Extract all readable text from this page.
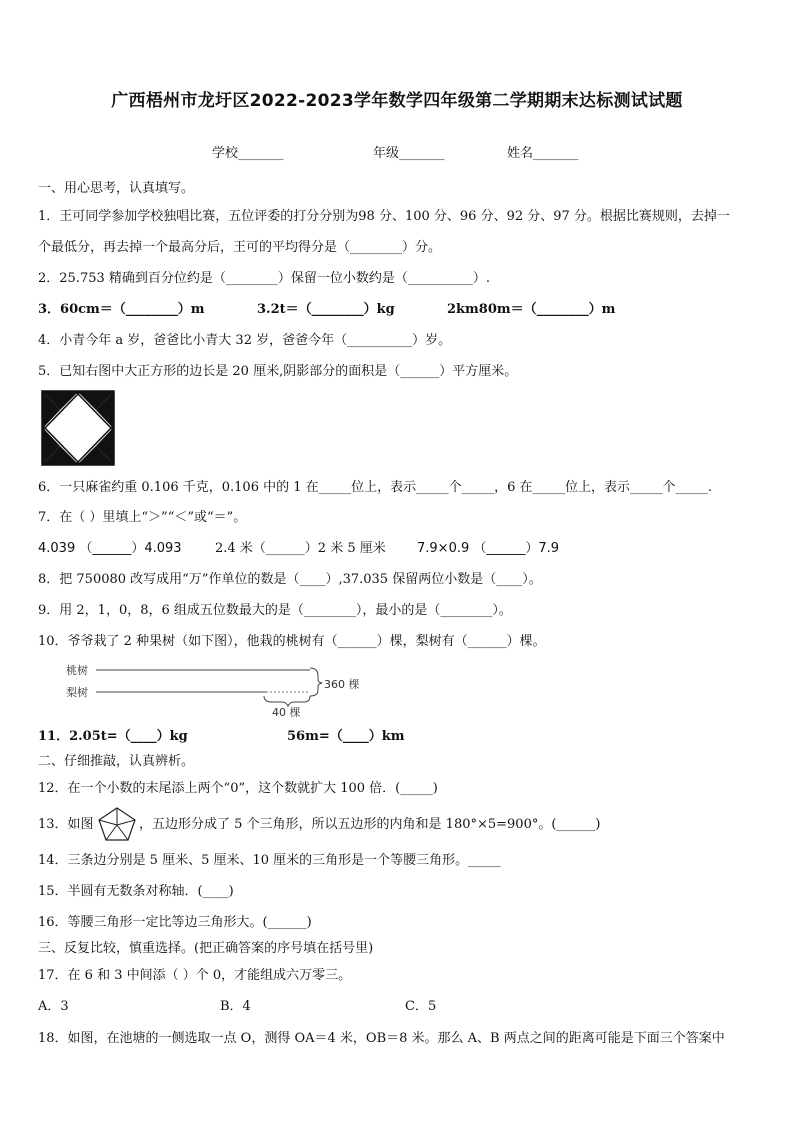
广西梧州市龙圩区2022-2023学年数学四年级第二学期期末达标测试试题
学校_______	年级_______	姓名_______
一、用心思考，认真填写。
1．王可同学参加学校独唱比赛，五位评委的打分分别为98 分、100 分、96 分、92 分、97 分。根据比赛规则，去掉一
个最低分，再去掉一个最高分后，王可的平均得分是（________）分。
2．25.753 精确到百分位约是（________）保留一位小数约是（__________）.
3．60cm＝（________）m	3.2t＝（________）kg	2km80m＝（________）m
4．小青今年 a 岁，爸爸比小青大 32 岁，爸爸今年（__________）岁。
5．已知右图中大正方形的边长是 20 厘米,阴影部分的面积是（______）平方厘米。
6．一只麻雀约重 0.106 千克，0.106 中的 1 在_____位上，表示_____个_____，6 在_____位上，表示_____个_____.
7．在（ ）里填上“＞”“＜”或“＝”。
4.039 （______）4.093	2.4 米（______）2 米 5 厘米 7.9×0.9 （______）7.9
8．把 750080 改写成用“万”作单位的数是（____）,37.035 保留两位小数是（____）。
9．用 2，1，0，8，6 组成五位数最大的是（________），最小的是（________）。
10．爷爷栽了 2 种果树（如下图），他栽的桃树有（______）棵，梨树有（______）棵。
桃树
梨树
360 棵
40 棵
11．2.05t=（____）kg	56m=（____）km
二、仔细推敲，认真辨析。
12．在一个小数的末尾添上两个“0”，这个数就扩大 100 倍．(_____)
13．如图	，五边形分成了 5 个三角形，所以五边形的内角和是 180°×5=900°。(______)
14．三条边分别是 5 厘米、5 厘米、10 厘米的三角形是一个等腰三角形。_____
15．半圆有无数条对称轴．(____)
16．等腰三角形一定比等边三角形大。(______)
三、反复比较，慎重选择。(把正确答案的序号填在括号里)
17．在 6 和 3 中间添（ ）个 0，才能组成六万零三。
A．3	B．4	C．5
18．如图，在池塘的一侧选取一点 O，测得 OA＝4 米，OB＝8 米。那么 A、B 两点之间的距离可能是下面三个答案中
